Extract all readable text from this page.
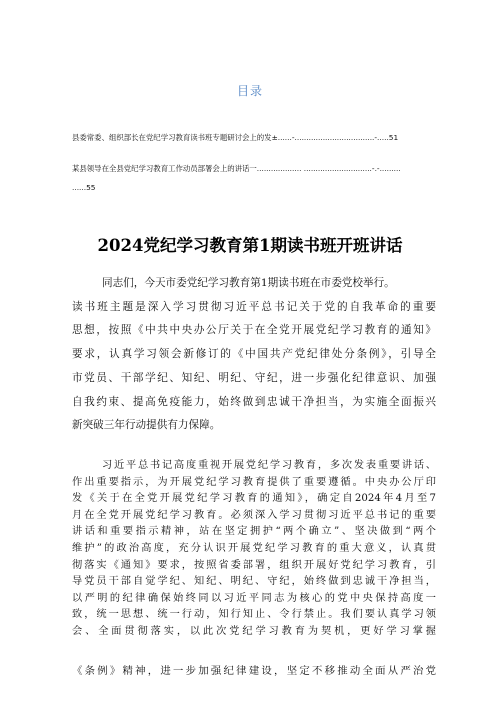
目录
县委常委、组织部长在党纪学习教育读书班专题研讨会上的发±......-..................................-.....51
某县领导在全县党纪学习教育工作动员部署会上的讲话一................... .............................-.-.........
......55
2024党纪学习教育第1期读书班开班讲话
同志们，今天市委党纪学习教育第1期读书班在市委党校举行。
读书班主题是深入学习贯彻习近平总书记关于党的自我革命的重要
思想，按照《中共中央办公厅关于在全党开展党纪学习教育的通知》
要求，认真学习领会新修订的《中国共产党纪律处分条例》，引导全
市党员、干部学纪、知纪、明纪、守纪，进一步强化纪律意识、加强
自我约束、提高免疫能力，始终做到忠诚干净担当，为实施全面振兴
新突破三年行动提供有力保障。
习近平总书记高度重视开展党纪学习教育，多次发表重要讲话、
作出重要指示，为开展党纪学习教育提供了重要遵循。中央办公厅印
发《关于在全党开展党纪学习教育的通知》，确定自2024年4月至7
月在全党开展党纪学习教育。必须深入学习贯彻习近平总书记的重要
讲话和重要指示精神，站在坚定拥护“两个确立”、坚决做到“两个
维护”的政治高度，充分认识开展党纪学习教育的重大意义，认真贯
彻落实《通知》要求，按照省委部署，组织开展好党纪学习教育，引
导党员干部自觉学纪、知纪、明纪、守纪，始终做到忠诚干净担当，
以严明的纪律确保始终同以习近平同志为核心的党中央保持高度一
致，统一思想、统一行动，知行知止、令行禁止。我们要认真学习领
会、全面贯彻落实，以此次党纪学习教育为契机，更好学习掌握
《条例》精神，进一步加强纪律建设，坚定不移推动全面从严治党
